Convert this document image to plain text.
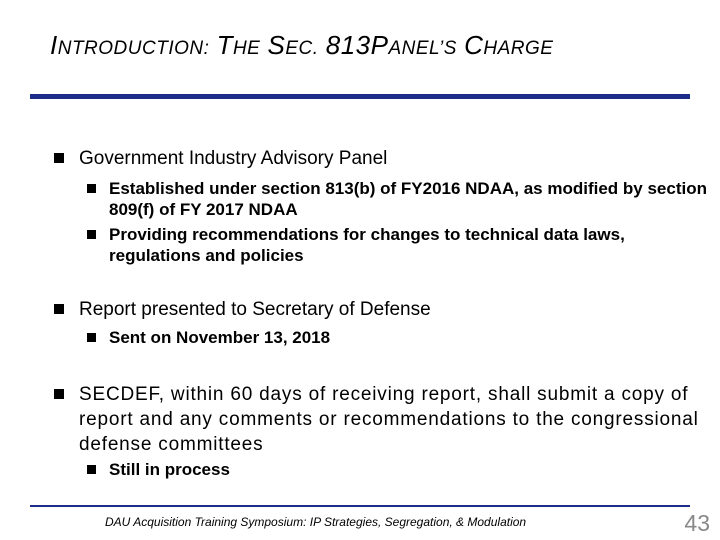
INTRODUCTION: THE SEC. 813PANEL’S CHARGE
Government Industry Advisory Panel
Established under section 813(b) of FY2016 NDAA, as modified by section 809(f) of FY 2017 NDAA
Providing recommendations for changes to technical data laws, regulations and policies
Report presented to Secretary of Defense
Sent on November 13, 2018
SECDEF, within 60 days of receiving report, shall submit a copy of report and any comments or recommendations to the congressional defense committees
Still in process
DAU Acquisition Training Symposium: IP Strategies, Segregation, & Modulation	43
